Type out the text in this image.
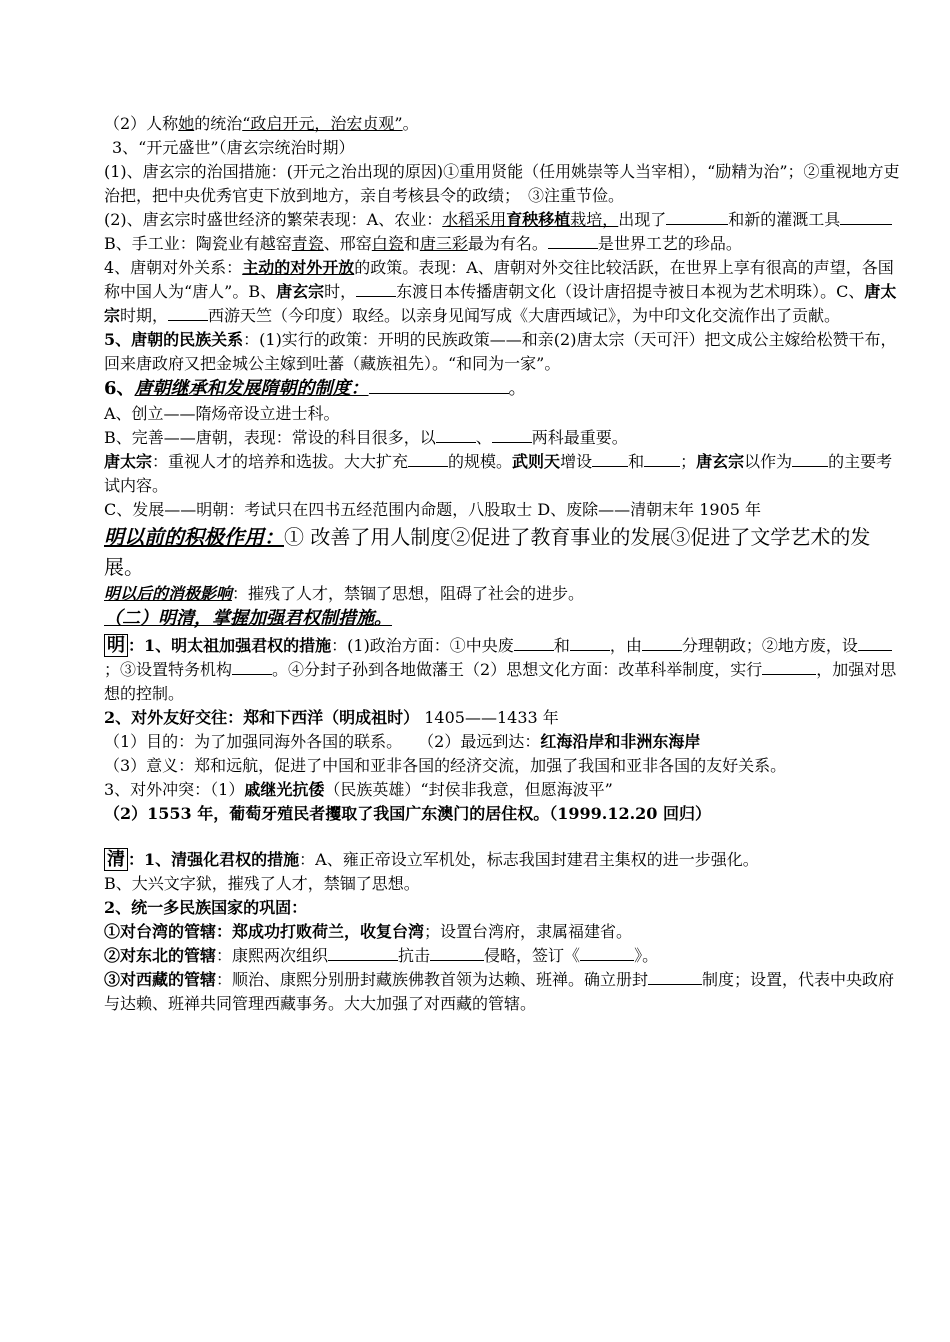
（2）人称她的统治“政启开元，治宏贞观”。
3、“开元盛世”（唐玄宗统治时期）
(1)、唐玄宗的治国措施：(开元之治出现的原因)①重用贤能（任用姚崇等人当宰相），“励精为治”；②重视地方吏治把，把中央优秀官吏下放到地方，亲自考核县令的政绩；　③注重节俭。
(2)、唐玄宗时盛世经济的繁荣表现：A、农业：水稻采用育秧移植栽培，出现了	和新的灌溉工具B、手工业：陶瓷业有越窑青瓷、邢窑白瓷和唐三彩最为有名。	是世界工艺的珍品。
4、唐朝对外关系：主动的对外开放的政策。表现：A、唐朝对外交往比较活跃，在世界上享有很高的声望，各国称中国人为“唐人”。B、唐玄宗时，	东渡日本传播唐朝文化（设计唐招提寺被日本视为艺术明珠）。C、唐太宗时期，	西游天竺（今印度）取经。以亲身见闻写成《大唐西域记》，为中印文化交流作出了贡献。
5、唐朝的民族关系：(1)实行的政策：开明的民族政策——和亲(2)唐太宗（天可汗）把文成公主嫁给松赞干布，回来唐政府又把金城公主嫁到吐蕃（藏族祖先）。“和同为一家”。
6、唐朝继承和发展隋朝的制度：	。
A、创立——隋炀帝设立进士科。
B、完善——唐朝，表现：常设的科目很多，以	、	两科最重要。
唐太宗：重视人才的培养和选拔。大大扩充	的规模。武则天增设 和 ；唐玄宗以作为 的主要考试内容。
C、发展——明朝：考试只在四书五经范围内命题，八股取士 D、废除——清朝末年 1905 年
明以前的积极作用：① 改善了用人制度②促进了教育事业的发展③促进了文学艺术的发展。
明以后的消极影响：摧残了人才，禁锢了思想，阻碍了社会的进步。
（二）明清，掌握加强君权制措施。
明 ：1、明太祖加强君权的措施：(1)政治方面：①中央废	和	，由	分理朝政；②地方废，设；③设置特务机构	。④分封子孙到各地做藩王（2）思想文化方面：改革科举制度，实行	，加强对思想的控制。
2、对外友好交往：郑和下西洋（明成祖时） 1405——1433 年
（1）目的：为了加强同海外各国的联系。　　（2）最远到达：红海沿岸和非洲东海岸
（3）意义：郑和远航，促进了中国和亚非各国的经济交流，加强了我国和亚非各国的友好关系。
3、对外冲突：（1）戚继光抗倭（民族英雄）“封侯非我意，但愿海波平”
（2）1553 年，葡萄牙殖民者攫取了我国广东澳门的居住权。（1999.12.20 回归）
清 ：1、清强化君权的措施：A、雍正帝设立军机处，标志我国封建君主集权的进一步强化。
B、大兴文字狱，摧残了人才，禁锢了思想。
2、统一多民族国家的巩固：
①对台湾的管辖：郑成功打败荷兰，收复台湾；设置台湾府，隶属福建省。
②对东北的管辖：康熙两次组织	抗击	侵略，签订《	》。
③对西藏的管辖：顺治、康熙分别册封藏族佛教首领为达赖、班禅。确立册封	制度；设置，代表中央政府与达赖、班禅共同管理西藏事务。大大加强了对西藏的管辖。
